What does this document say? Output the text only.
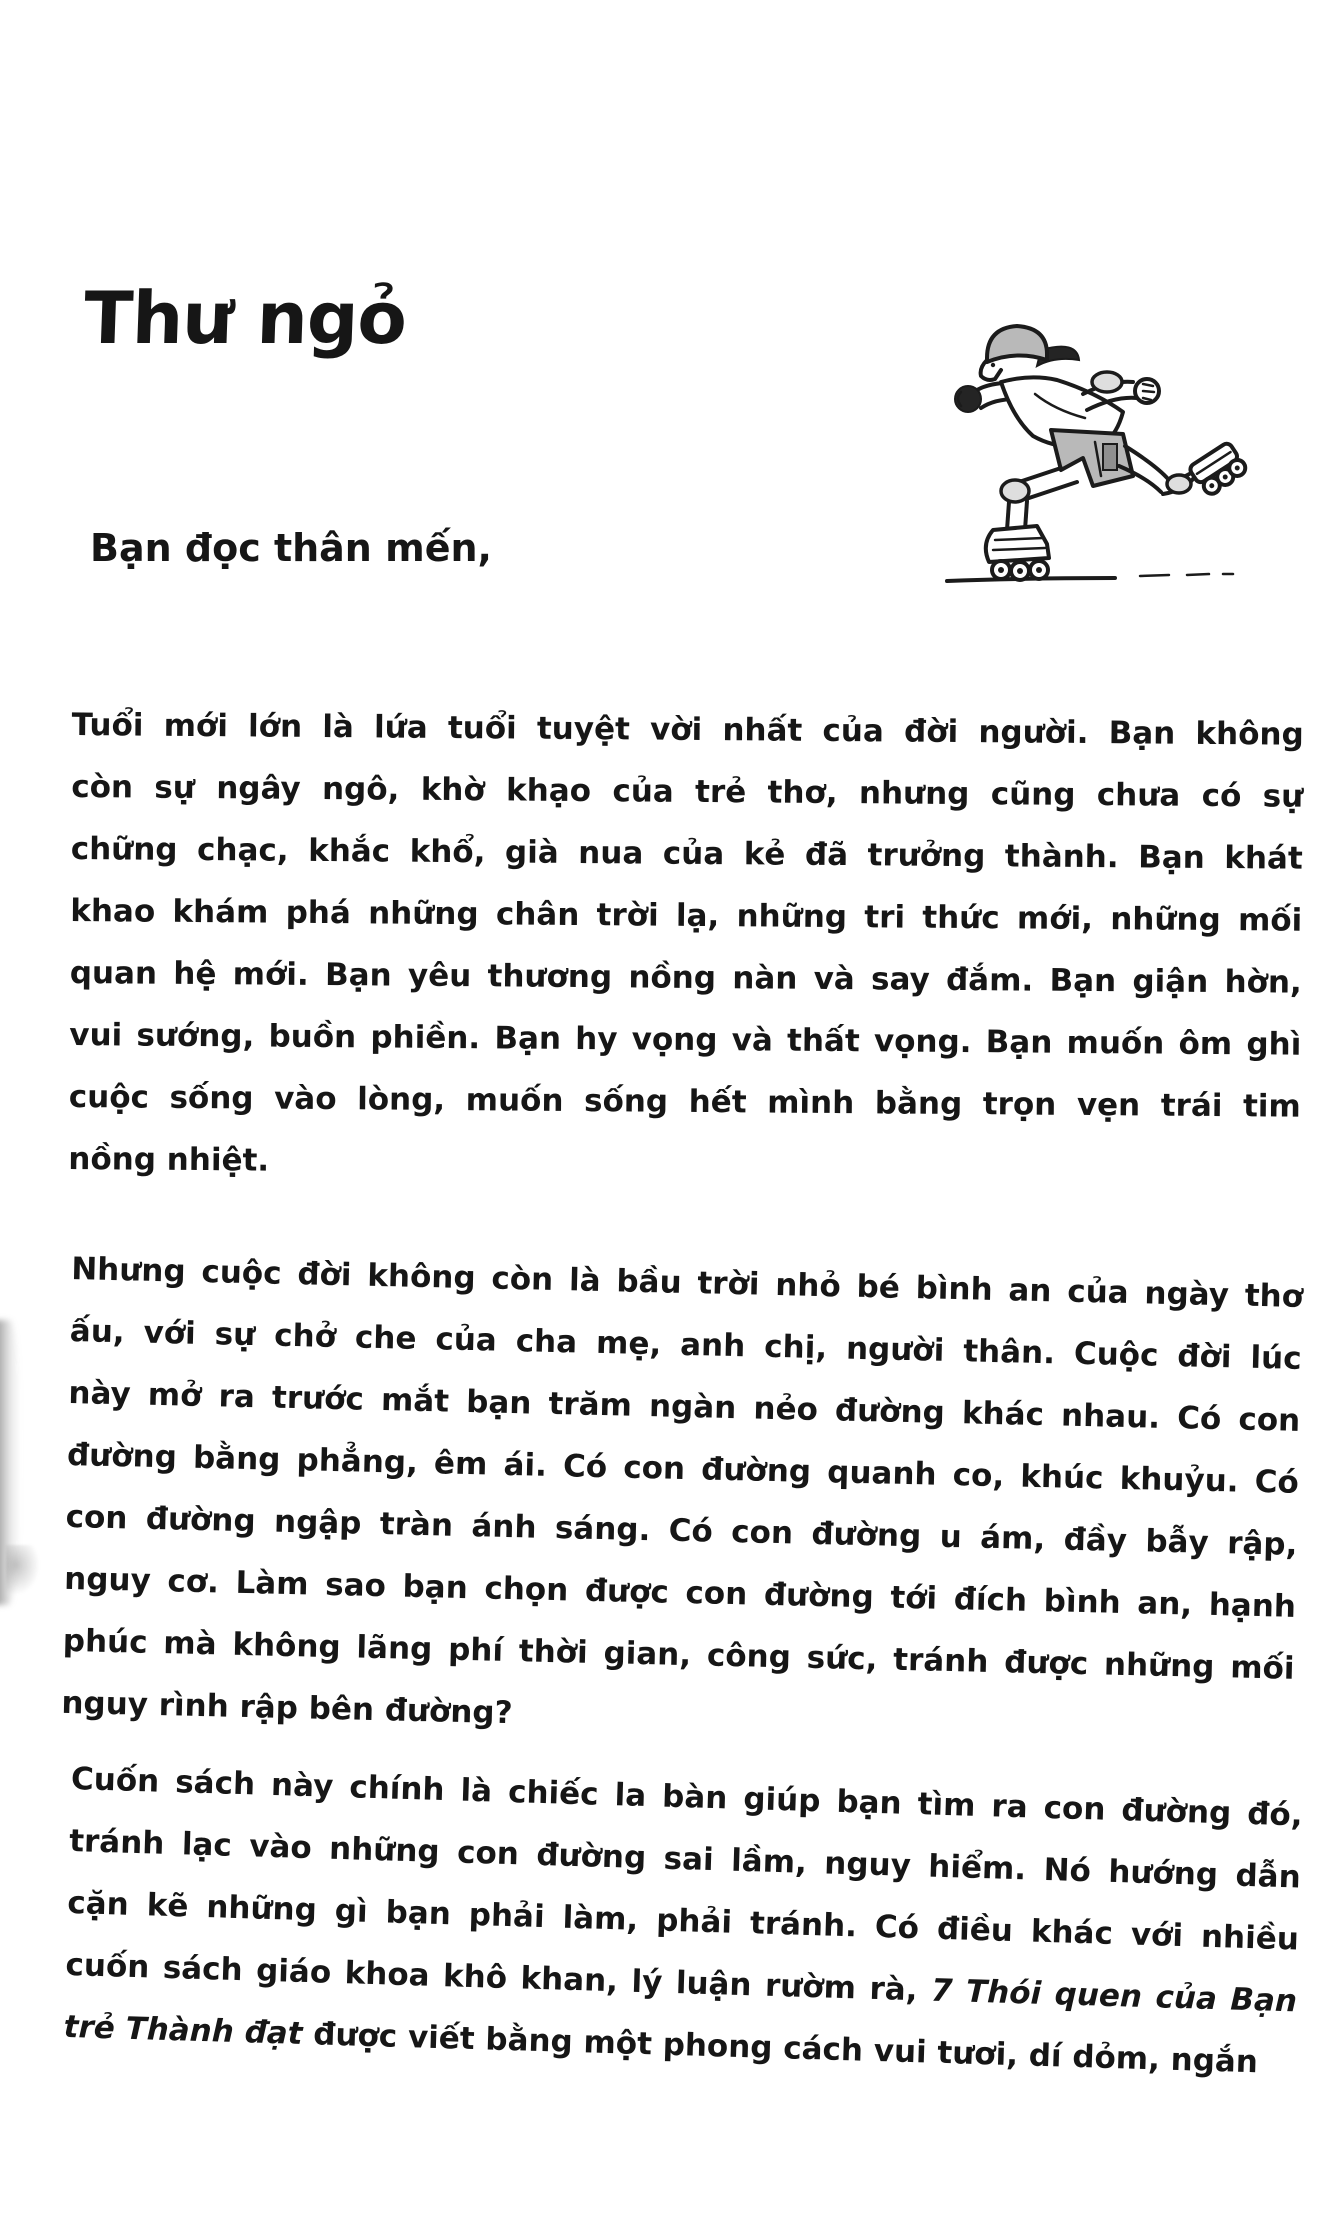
Thư ngỏ
Bạn đọc thân mến,
Tuổi mới lớn là lứa tuổi tuyệt vời nhất của đời người. Bạn không
còn sự ngây ngô, khờ khạo của trẻ thơ, nhưng cũng chưa có sự
chững chạc, khắc khổ, già nua của kẻ đã trưởng thành. Bạn khát
khao khám phá những chân trời lạ, những tri thức mới, những mối
quan hệ mới. Bạn yêu thương nồng nàn và say đắm. Bạn giận hờn,
vui sướng, buồn phiền. Bạn hy vọng và thất vọng. Bạn muốn ôm ghì
cuộc sống vào lòng, muốn sống hết mình bằng trọn vẹn trái tim
nồng nhiệt.
Nhưng cuộc đời không còn là bầu trời nhỏ bé bình an của ngày thơ
ấu, với sự chở che của cha mẹ, anh chị, người thân. Cuộc đời lúc
này mở ra trước mắt bạn trăm ngàn nẻo đường khác nhau. Có con
đường bằng phẳng, êm ái. Có con đường quanh co, khúc khuỷu. Có
con đường ngập tràn ánh sáng. Có con đường u ám, đầy bẫy rập,
nguy cơ. Làm sao bạn chọn được con đường tới đích bình an, hạnh
phúc mà không lãng phí thời gian, công sức, tránh được những mối
nguy rình rập bên đường?
Cuốn sách này chính là chiếc la bàn giúp bạn tìm ra con đường đó,
tránh lạc vào những con đường sai lầm, nguy hiểm. Nó hướng dẫn
cặn kẽ những gì bạn phải làm, phải tránh. Có điều khác với nhiều
cuốn sách giáo khoa khô khan, lý luận rườm rà, 7 Thói quen của Bạn
trẻ Thành đạt được viết bằng một phong cách vui tươi, dí dỏm, ngắn
